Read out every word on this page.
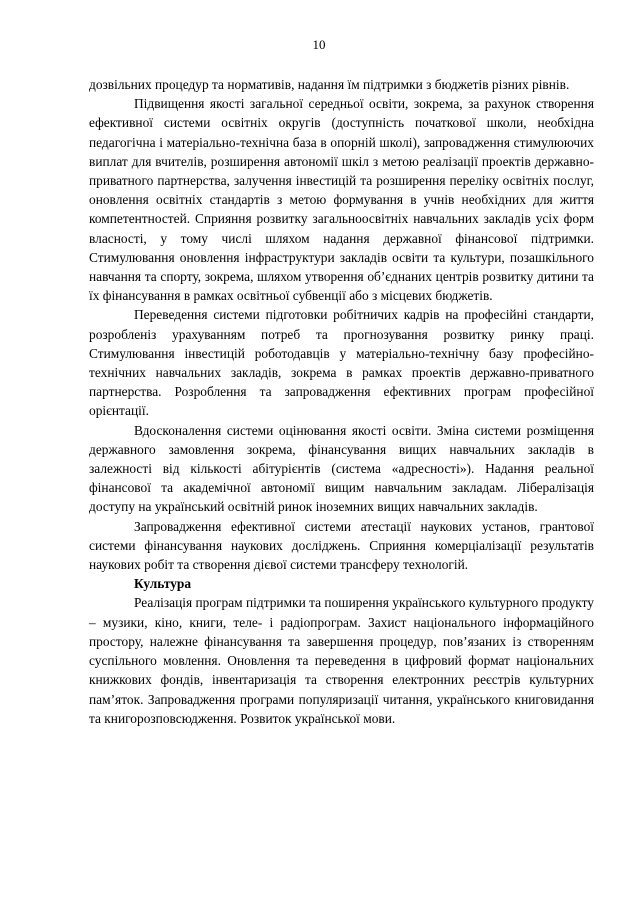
10

дозвільних процедур та нормативів, надання їм підтримки з бюджетів різних рівнів.

Підвищення якості загальної середньої освіти, зокрема, за рахунок створення ефективної системи освітніх округів (доступність початкової школи, необхідна педагогічна і матеріально-технічна база в опорній школі), запровадження стимулюючих виплат для вчителів, розширення автономії шкіл з метою реалізації проектів державно-приватного партнерства, залучення інвестицій та розширення переліку освітніх послуг, оновлення освітніх стандартів з метою формування в учнів необхідних для життя компетентностей. Сприяння розвитку загальноосвітніх навчальних закладів усіх форм власності, у тому числі шляхом надання державної фінансової підтримки. Стимулювання оновлення інфраструктури закладів освіти та культури, позашкільного навчання та спорту, зокрема, шляхом утворення об’єднаних центрів розвитку дитини та їх фінансування в рамках освітньої субвенції або з місцевих бюджетів.

Переведення системи підготовки робітничих кадрів на професійні стандарти, розробленіз урахуванням потреб та прогнозування розвитку ринку праці. Стимулювання інвестицій роботодавців у матеріально-технічну базу професійно-технічних навчальних закладів, зокрема в рамках проектів державно-приватного партнерства. Розроблення та запровадження ефективних програм професійної орієнтації.

Вдосконалення системи оцінювання якості освіти. Зміна системи розміщення державного замовлення зокрема, фінансування вищих навчальних закладів в залежності від кількості абітурієнтів (система «адресності»). Надання реальної фінансової та академічної автономії вищим навчальним закладам. Лібералізація доступу на український освітній ринок іноземних вищих навчальних закладів.

Запровадження ефективної системи атестації наукових установ, грантової системи фінансування наукових досліджень. Сприяння комерціалізації результатів наукових робіт та створення дієвої системи трансферу технологій.

Культура

Реалізація програм підтримки та поширення українського культурного продукту – музики, кіно, книги, теле- і радіопрограм. Захист національного інформаційного простору, належне фінансування та завершення процедур, пов’язаних із створенням суспільного мовлення. Оновлення та переведення в цифровий формат національних книжкових фондів, інвентаризація та створення електронних реєстрів культурних пам’яток. Запровадження програми популяризації читання, українського книговидання та книгорозповсюдження. Розвиток української мови.
